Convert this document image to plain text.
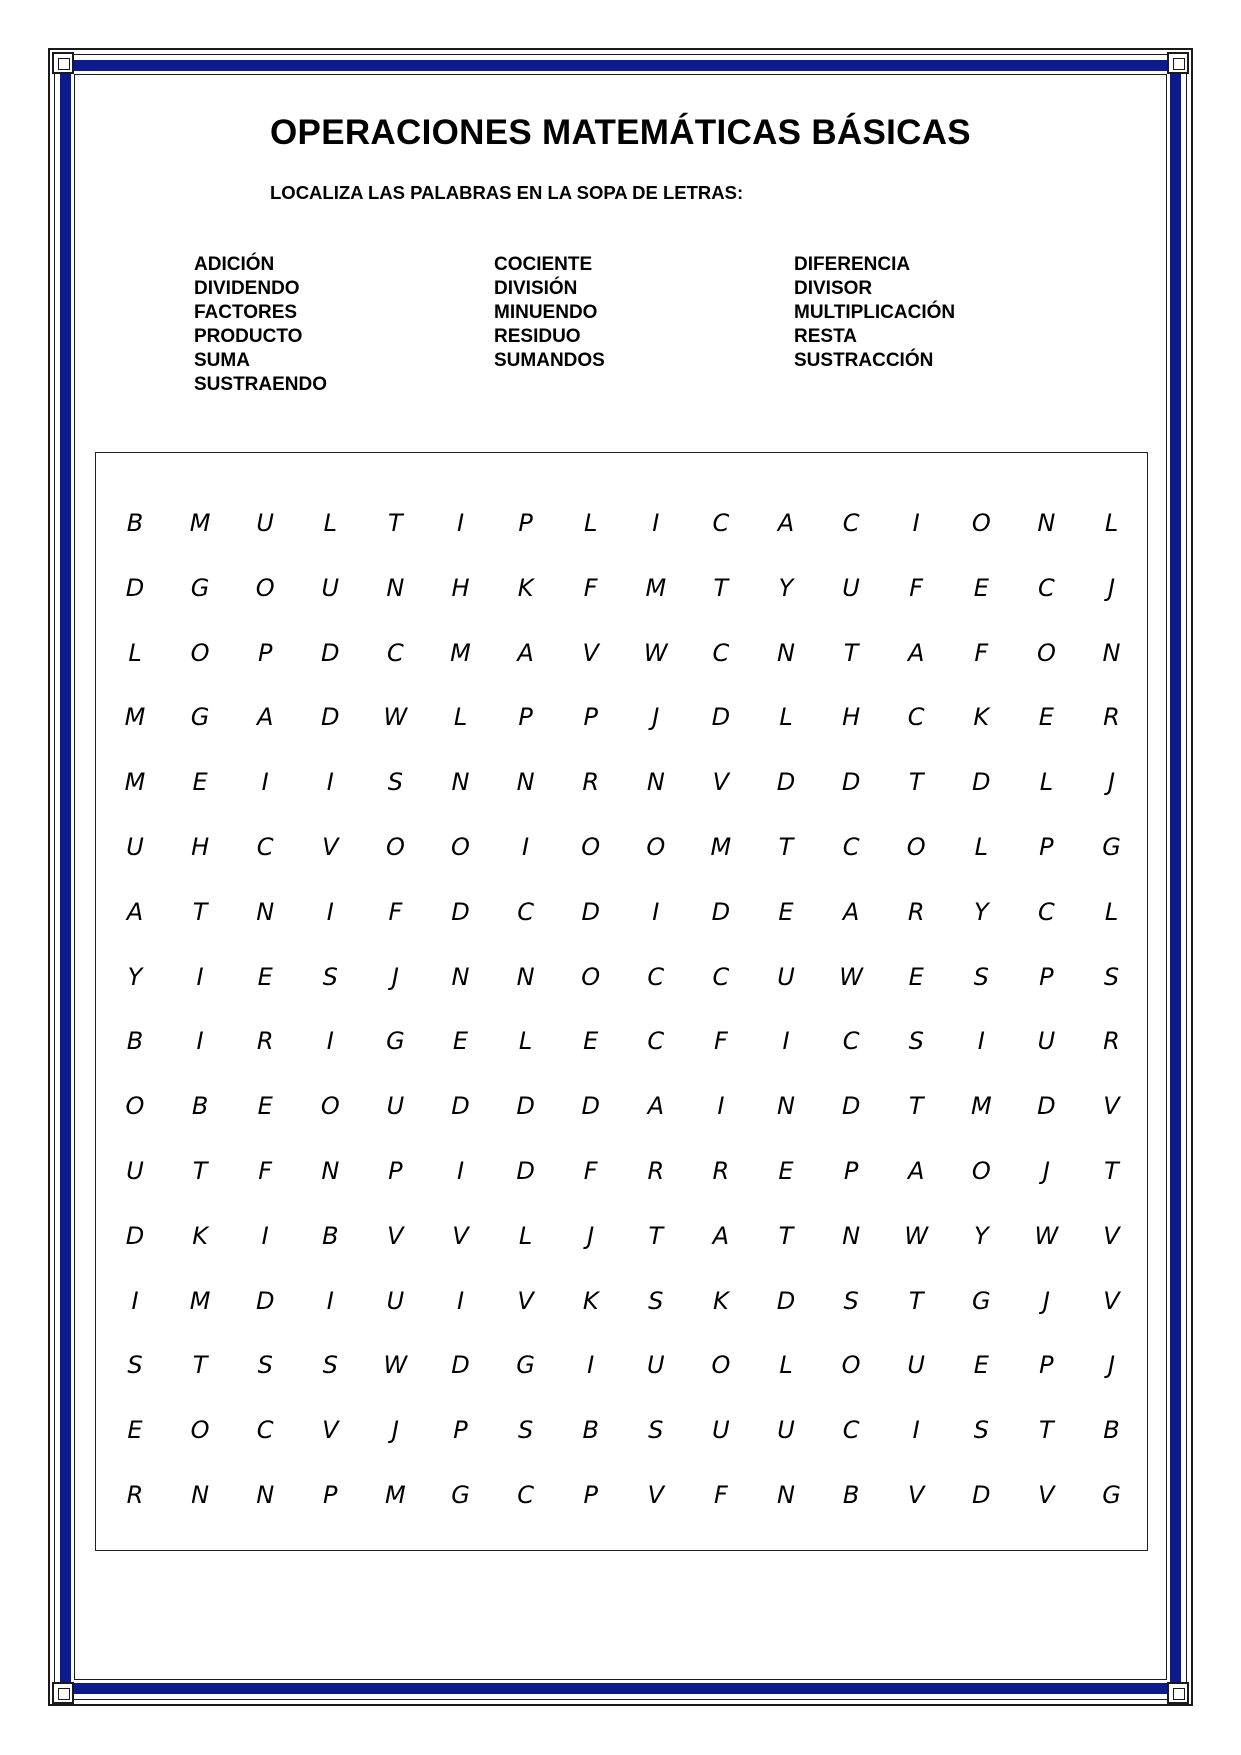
OPERACIONES MATEMÁTICAS BÁSICAS
LOCALIZA LAS PALABRAS EN LA SOPA DE LETRAS:
ADICIÓN
DIVIDENDO
FACTORES
PRODUCTO
SUMA
SUSTRAENDO
COCIENTE
DIVISIÓN
MINUENDO
RESIDUO
SUMANDOS
DIFERENCIA
DIVISOR
MULTIPLICACIÓN
RESTA
SUSTRACCIÓN
B	M	U	L	T	I	P	L	I	C	A	C	I	O	N	L
D	G	O	U	N	H	K	F	M	T	Y	U	F	E	C	J
L	O	P	D	C	M	A	V	W	C	N	T	A	F	O	N
M	G	A	D	W	L	P	P	J	D	L	H	C	K	E	R
M	E	I	I	S	N	N	R	N	V	D	D	T	D	L	J
U	H	C	V	O	O	I	O	O	M	T	C	O	L	P	G
A	T	N	I	F	D	C	D	I	D	E	A	R	Y	C	L
Y	I	E	S	J	N	N	O	C	C	U	W	E	S	P	S
B	I	R	I	G	E	L	E	C	F	I	C	S	I	U	R
O	B	E	O	U	D	D	D	A	I	N	D	T	M	D	V
U	T	F	N	P	I	D	F	R	R	E	P	A	O	J	T
D	K	I	B	V	V	L	J	T	A	T	N	W	Y	W	V
I	M	D	I	U	I	V	K	S	K	D	S	T	G	J	V
S	T	S	S	W	D	G	I	U	O	L	O	U	E	P	J
E	O	C	V	J	P	S	B	S	U	U	C	I	S	T	B
R	N	N	P	M	G	C	P	V	F	N	B	V	D	V	G
